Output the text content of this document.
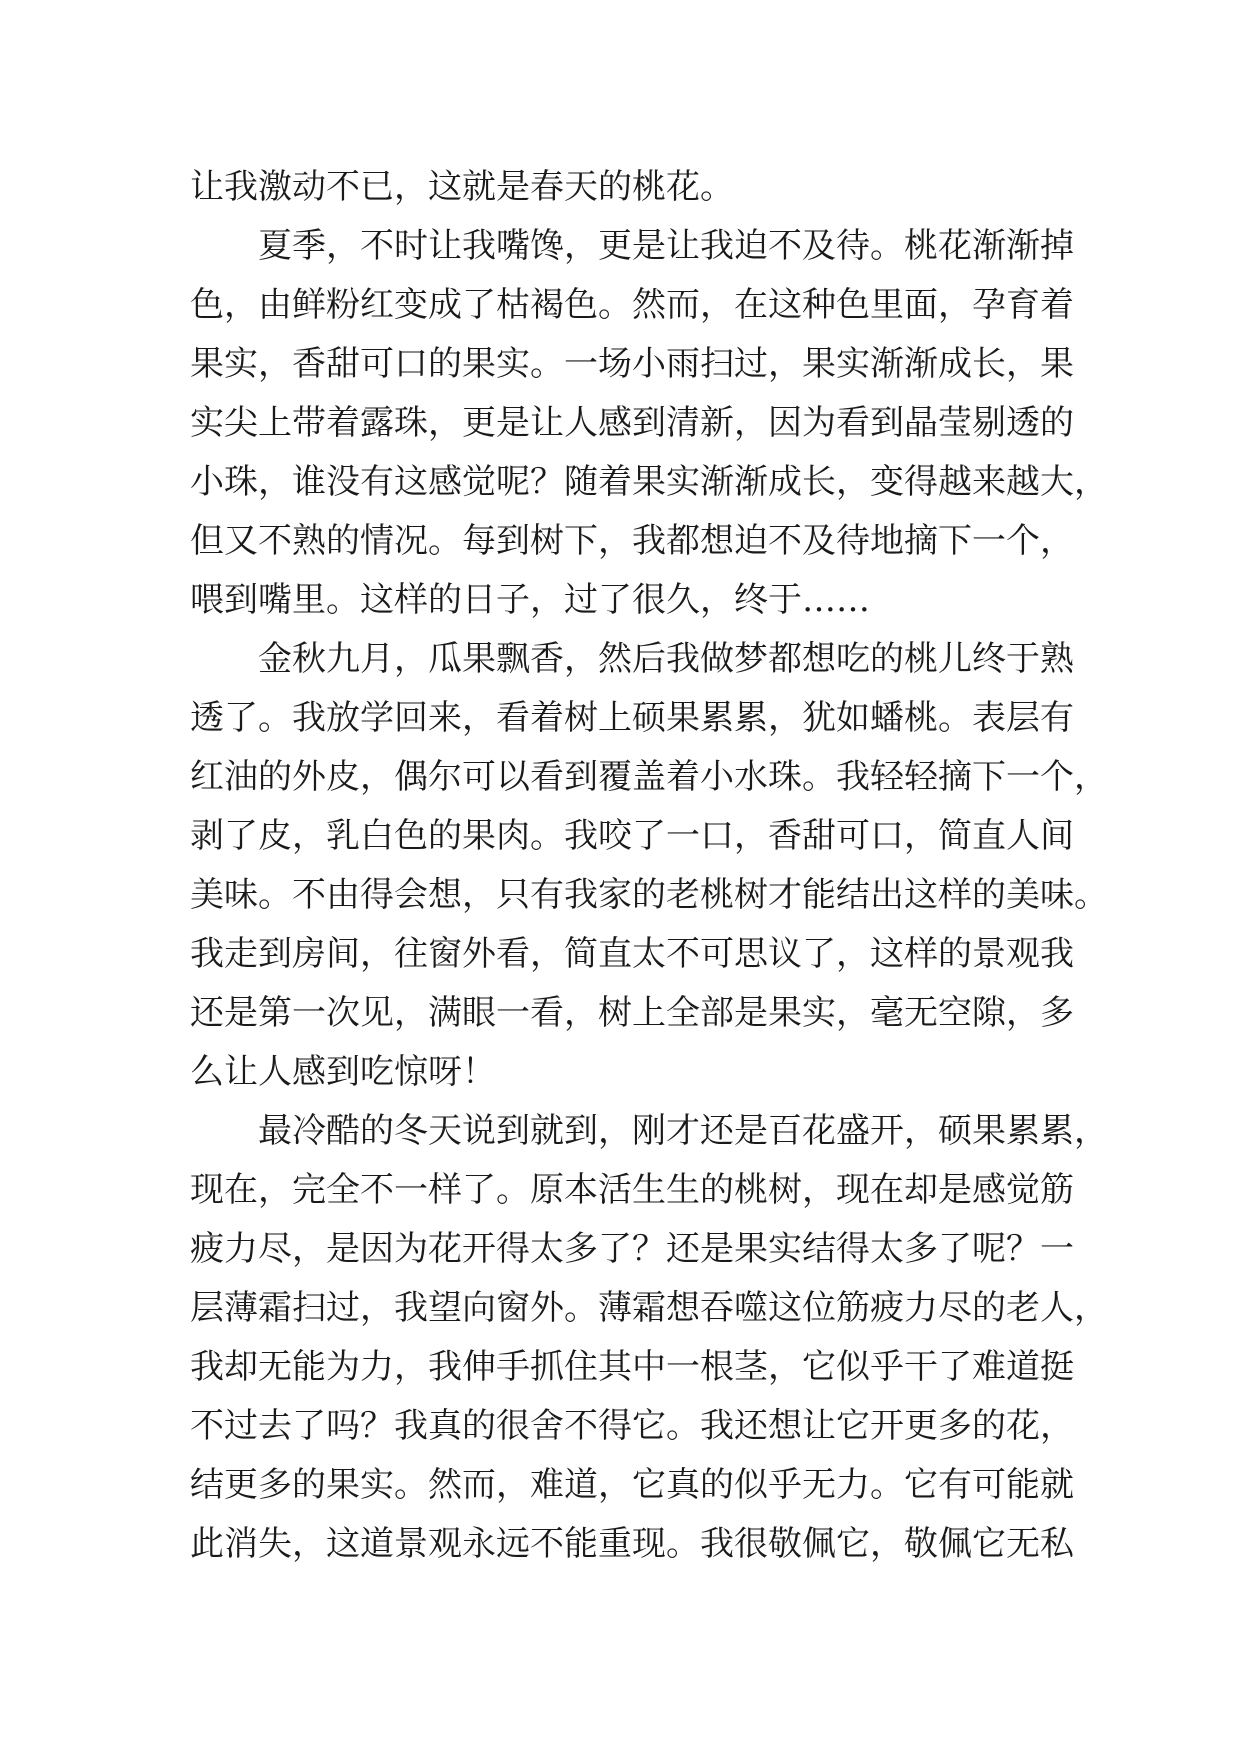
让我激动不已，这就是春天的桃花。
夏季，不时让我嘴馋，更是让我迫不及待。桃花渐渐掉
色，由鲜粉红变成了枯褐色。然而，在这种色里面，孕育着
果实，香甜可口的果实。一场小雨扫过，果实渐渐成长，果
实尖上带着露珠，更是让人感到清新，因为看到晶莹剔透的
小珠，谁没有这感觉呢？随着果实渐渐成长，变得越来越大，
但又不熟的情况。每到树下，我都想迫不及待地摘下一个，
喂到嘴里。这样的日子，过了很久，终于……
金秋九月，瓜果飘香，然后我做梦都想吃的桃儿终于熟
透了。我放学回来，看着树上硕果累累，犹如蟠桃。表层有
红油的外皮，偶尔可以看到覆盖着小水珠。我轻轻摘下一个，
剥了皮，乳白色的果肉。我咬了一口，香甜可口，简直人间
美味。不由得会想，只有我家的老桃树才能结出这样的美味。
我走到房间，往窗外看，简直太不可思议了，这样的景观我
还是第一次见，满眼一看，树上全部是果实，毫无空隙，多
么让人感到吃惊呀！
最冷酷的冬天说到就到，刚才还是百花盛开，硕果累累，
现在，完全不一样了。原本活生生的桃树，现在却是感觉筋
疲力尽，是因为花开得太多了？还是果实结得太多了呢？一
层薄霜扫过，我望向窗外。薄霜想吞噬这位筋疲力尽的老人，
我却无能为力，我伸手抓住其中一根茎，它似乎干了难道挺
不过去了吗？我真的很舍不得它。我还想让它开更多的花，
结更多的果实。然而，难道，它真的似乎无力。它有可能就
此消失，这道景观永远不能重现。我很敬佩它，敬佩它无私
